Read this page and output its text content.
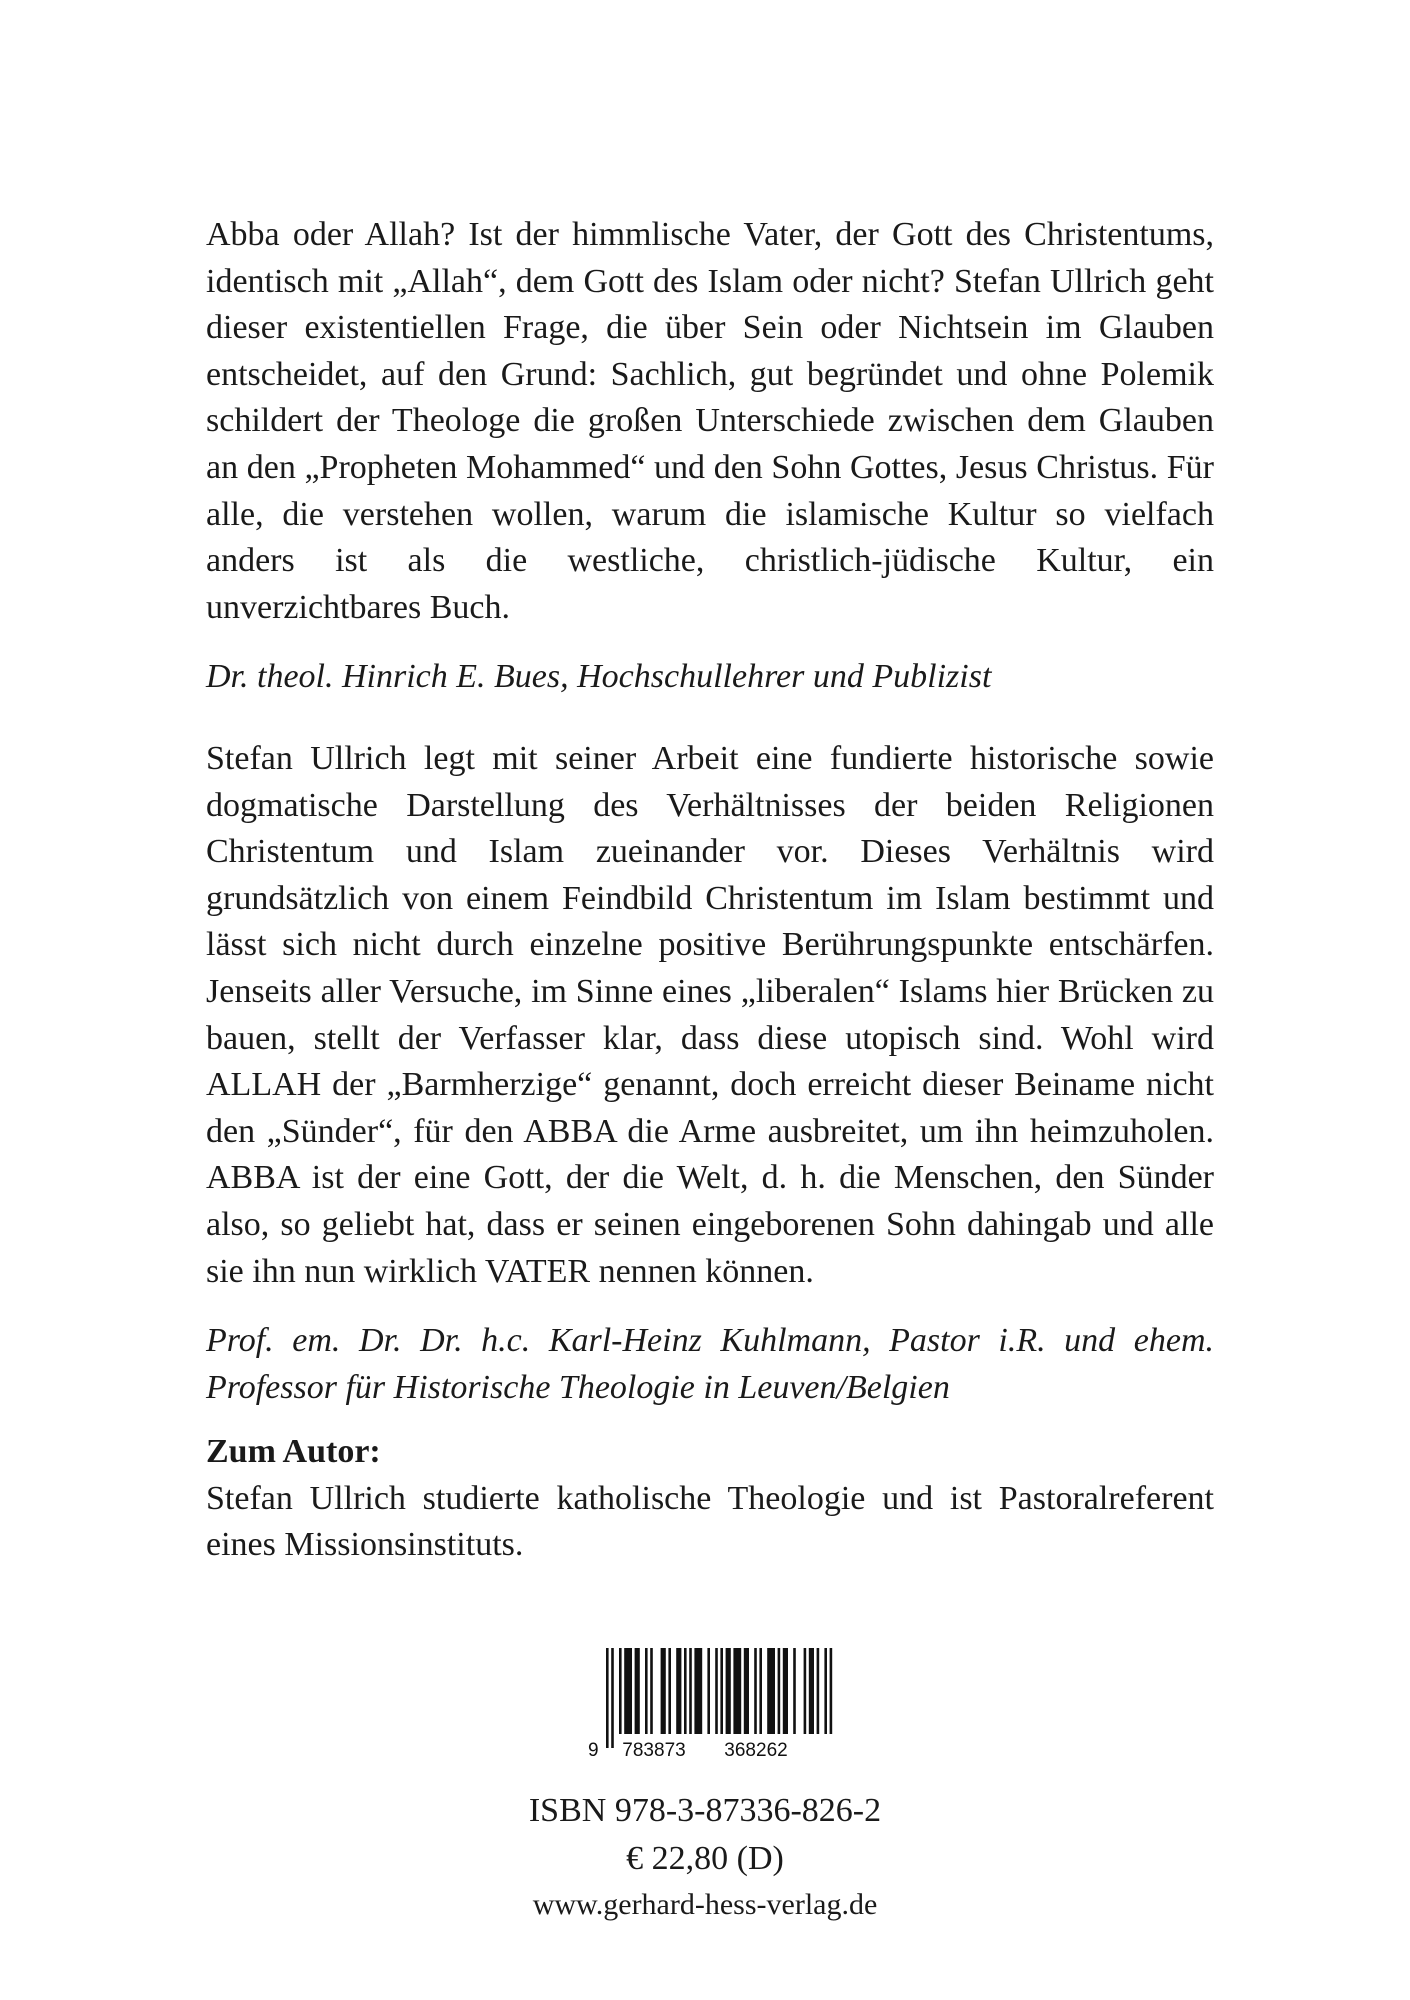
Abba oder Allah? Ist der himmlische Vater, der Gott des Christentums, identisch mit „Allah“, dem Gott des Islam oder nicht? Stefan Ullrich geht dieser existentiellen Frage, die über Sein oder Nichtsein im Glauben entscheidet, auf den Grund: Sachlich, gut begründet und ohne Polemik schildert der Theologe die großen Unterschiede zwischen dem Glauben an den „Propheten Mohammed“ und den Sohn Gottes, Jesus Christus. Für alle, die verstehen wollen, warum die islamische Kultur so vielfach anders ist als die westliche, christlich-jüdische Kultur, ein unverzichtbares Buch.

Dr. theol. Hinrich E. Bues, Hochschullehrer und Publizist

Stefan Ullrich legt mit seiner Arbeit eine fundierte historische sowie dogmatische Darstellung des Verhältnisses der beiden Religionen Christentum und Islam zueinander vor. Dieses Verhältnis wird grundsätzlich von einem Feindbild Christentum im Islam bestimmt und lässt sich nicht durch einzelne positive Berührungspunkte entschärfen. Jenseits aller Versuche, im Sinne eines „liberalen“ Islams hier Brücken zu bauen, stellt der Verfasser klar, dass diese utopisch sind. Wohl wird ALLAH der „Barmherzige“ genannt, doch erreicht dieser Beiname nicht den „Sünder“, für den ABBA die Arme ausbreitet, um ihn heimzuholen. ABBA ist der eine Gott, der die Welt, d. h. die Menschen, den Sünder also, so geliebt hat, dass er seinen eingeborenen Sohn dahingab und alle sie ihn nun wirklich VATER nennen können.

Prof. em. Dr. Dr. h.c. Karl-Heinz Kuhlmann, Pastor i.R. und ehem. Professor für Historische Theologie in Leuven/Belgien
Zum Autor:

Stefan Ullrich studierte katholische Theologie und ist Pastoralreferent eines Missionsinstituts.

9 783873 368262
ISBN 978-3-87336-826-2
€ 22,80 (D)
www.gerhard-hess-verlag.de
